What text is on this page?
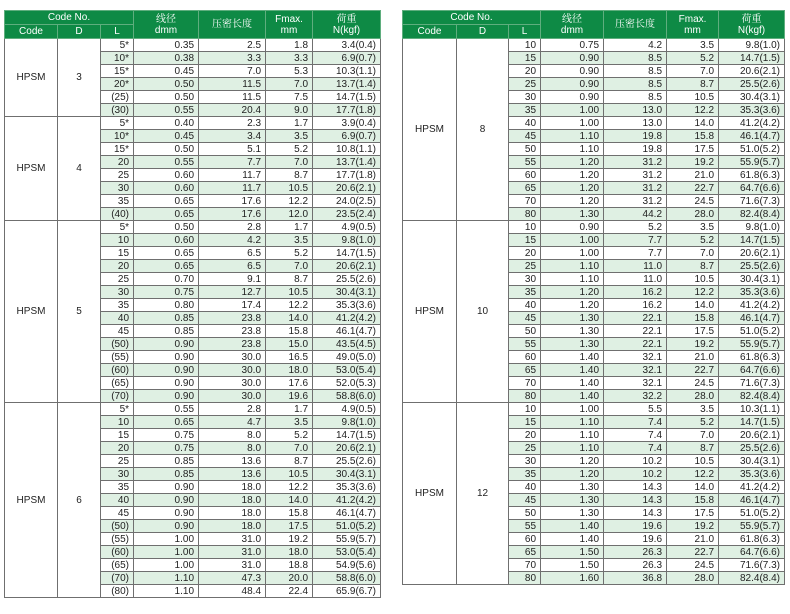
Code No.			线径
dmm	压密长度	Fmax.
mm	荷重
N(kgf)
Code	D	L				
HPSM	3	5*	0.35	2.5	1.8	3.4(0.4)
		10*	0.38	3.3	3.3	6.9(0.7)
		15*	0.45	7.0	5.3	10.3(1.1)
		20*	0.50	11.5	7.0	13.7(1.4)
		(25)	0.50	11.5	7.5	14.7(1.5)
		(30)	0.55	20.4	9.0	17.7(1.8)
HPSM	4	5*	0.40	2.3	1.7	3.9(0.4)
		10*	0.45	3.4	3.5	6.9(0.7)
		15*	0.50	5.1	5.2	10.8(1.1)
		20	0.55	7.7	7.0	13.7(1.4)
		25	0.60	11.7	8.7	17.7(1.8)
		30	0.60	11.7	10.5	20.6(2.1)
		35	0.65	17.6	12.2	24.0(2.5)
		(40)	0.65	17.6	12.0	23.5(2.4)
HPSM	5	5*	0.50	2.8	1.7	4.9(0.5)
		10	0.60	4.2	3.5	9.8(1.0)
		15	0.65	6.5	5.2	14.7(1.5)
		20	0.65	6.5	7.0	20.6(2.1)
		25	0.70	9.1	8.7	25.5(2.6)
		30	0.75	12.7	10.5	30.4(3.1)
		35	0.80	17.4	12.2	35.3(3.6)
		40	0.85	23.8	14.0	41.2(4.2)
		45	0.85	23.8	15.8	46.1(4.7)
		(50)	0.90	23.8	15.0	43.5(4.5)
		(55)	0.90	30.0	16.5	49.0(5.0)
		(60)	0.90	30.0	18.0	53.0(5.4)
		(65)	0.90	30.0	17.6	52.0(5.3)
		(70)	0.90	30.0	19.6	58.8(6.0)
HPSM	6	5*	0.55	2.8	1.7	4.9(0.5)
		10	0.65	4.7	3.5	9.8(1.0)
		15	0.75	8.0	5.2	14.7(1.5)
		20	0.75	8.0	7.0	20.6(2.1)
		25	0.85	13.6	8.7	25.5(2.6)
		30	0.85	13.6	10.5	30.4(3.1)
		35	0.90	18.0	12.2	35.3(3.6)
		40	0.90	18.0	14.0	41.2(4.2)
		45	0.90	18.0	15.8	46.1(4.7)
		(50)	0.90	18.0	17.5	51.0(5.2)
		(55)	1.00	31.0	19.2	55.9(5.7)
		(60)	1.00	31.0	18.0	53.0(5.4)
		(65)	1.00	31.0	18.8	54.9(5.6)
		(70)	1.10	47.3	20.0	58.8(6.0)
		(80)	1.10	48.4	22.4	65.9(6.7)
Code No.			线径
dmm	压密长度	Fmax.
mm	荷重
N(kgf)
Code	D	L				
HPSM	8	10	0.75	4.2	3.5	9.8(1.0)
		15	0.90	8.5	5.2	14.7(1.5)
		20	0.90	8.5	7.0	20.6(2.1)
		25	0.90	8.5	8.7	25.5(2.6)
		30	0.90	8.5	10.5	30.4(3.1)
		35	1.00	13.0	12.2	35.3(3.6)
		40	1.00	13.0	14.0	41.2(4.2)
		45	1.10	19.8	15.8	46.1(4.7)
		50	1.10	19.8	17.5	51.0(5.2)
		55	1.20	31.2	19.2	55.9(5.7)
		60	1.20	31.2	21.0	61.8(6.3)
		65	1.20	31.2	22.7	64.7(6.6)
		70	1.20	31.2	24.5	71.6(7.3)
		80	1.30	44.2	28.0	82.4(8.4)
HPSM	10	10	0.90	5.2	3.5	9.8(1.0)
		15	1.00	7.7	5.2	14.7(1.5)
		20	1.00	7.7	7.0	20.6(2.1)
		25	1.10	11.0	8.7	25.5(2.6)
		30	1.10	11.0	10.5	30.4(3.1)
		35	1.20	16.2	12.2	35.3(3.6)
		40	1.20	16.2	14.0	41.2(4.2)
		45	1.30	22.1	15.8	46.1(4.7)
		50	1.30	22.1	17.5	51.0(5.2)
		55	1.30	22.1	19.2	55.9(5.7)
		60	1.40	32.1	21.0	61.8(6.3)
		65	1.40	32.1	22.7	64.7(6.6)
		70	1.40	32.1	24.5	71.6(7.3)
		80	1.40	32.2	28.0	82.4(8.4)
HPSM	12	10	1.00	5.5	3.5	10.3(1.1)
		15	1.10	7.4	5.2	14.7(1.5)
		20	1.10	7.4	7.0	20.6(2.1)
		25	1.10	7.4	8.7	25.5(2.6)
		30	1.20	10.2	10.5	30.4(3.1)
		35	1.20	10.2	12.2	35.3(3.6)
		40	1.30	14.3	14.0	41.2(4.2)
		45	1.30	14.3	15.8	46.1(4.7)
		50	1.30	14.3	17.5	51.0(5.2)
		55	1.40	19.6	19.2	55.9(5.7)
		60	1.40	19.6	21.0	61.8(6.3)
		65	1.50	26.3	22.7	64.7(6.6)
		70	1.50	26.3	24.5	71.6(7.3)
		80	1.60	36.8	28.0	82.4(8.4)
